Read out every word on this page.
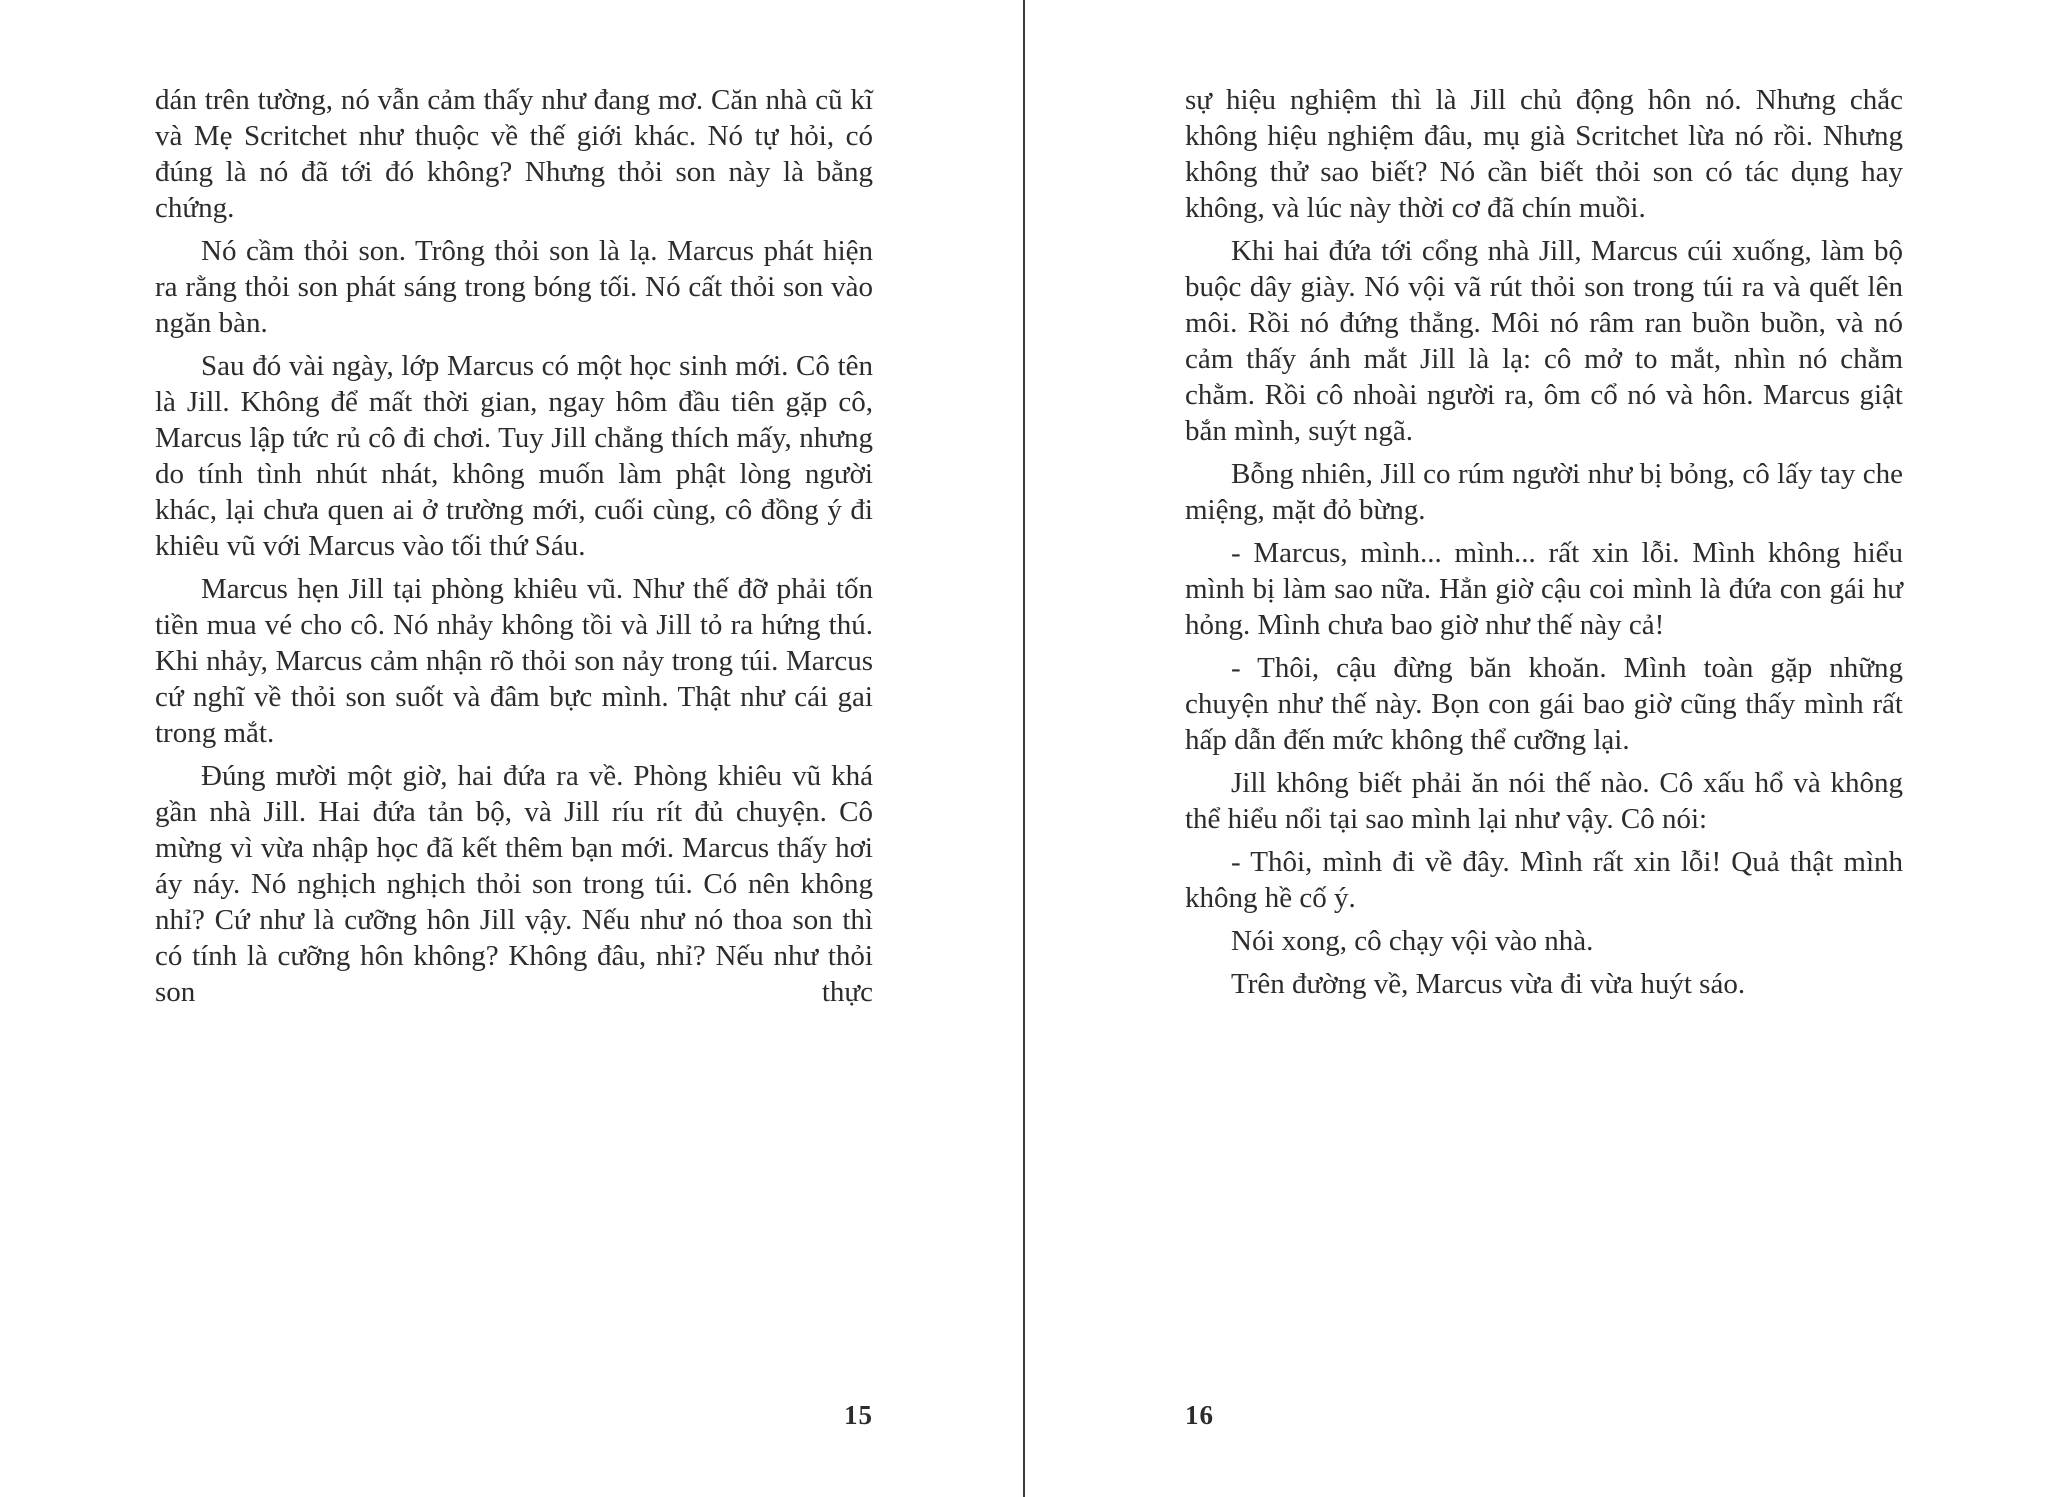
dán trên tường, nó vẫn cảm thấy như đang mơ. Căn nhà cũ kĩ và Mẹ Scritchet như thuộc về thế giới khác. Nó tự hỏi, có đúng là nó đã tới đó không? Nhưng thỏi son này là bằng chứng.

Nó cầm thỏi son. Trông thỏi son là lạ. Marcus phát hiện ra rằng thỏi son phát sáng trong bóng tối. Nó cất thỏi son vào ngăn bàn.

Sau đó vài ngày, lớp Marcus có một học sinh mới. Cô tên là Jill. Không để mất thời gian, ngay hôm đầu tiên gặp cô, Marcus lập tức rủ cô đi chơi. Tuy Jill chẳng thích mấy, nhưng do tính tình nhút nhát, không muốn làm phật lòng người khác, lại chưa quen ai ở trường mới, cuối cùng, cô đồng ý đi khiêu vũ với Marcus vào tối thứ Sáu.

Marcus hẹn Jill tại phòng khiêu vũ. Như thế đỡ phải tốn tiền mua vé cho cô. Nó nhảy không tồi và Jill tỏ ra hứng thú. Khi nhảy, Marcus cảm nhận rõ thỏi son nảy trong túi. Marcus cứ nghĩ về thỏi son suốt và đâm bực mình. Thật như cái gai trong mắt.

Đúng mười một giờ, hai đứa ra về. Phòng khiêu vũ khá gần nhà Jill. Hai đứa tản bộ, và Jill ríu rít đủ chuyện. Cô mừng vì vừa nhập học đã kết thêm bạn mới. Marcus thấy hơi áy náy. Nó nghịch nghịch thỏi son trong túi. Có nên không nhỉ? Cứ như là cưỡng hôn Jill vậy. Nếu như nó thoa son thì có tính là cưỡng hôn không? Không đâu, nhỉ? Nếu như thỏi son thực

15

sự hiệu nghiệm thì là Jill chủ động hôn nó. Nhưng chắc không hiệu nghiệm đâu, mụ già Scritchet lừa nó rồi. Nhưng không thử sao biết? Nó cần biết thỏi son có tác dụng hay không, và lúc này thời cơ đã chín muồi.

Khi hai đứa tới cổng nhà Jill, Marcus cúi xuống, làm bộ buộc dây giày. Nó vội vã rút thỏi son trong túi ra và quết lên môi. Rồi nó đứng thẳng. Môi nó râm ran buồn buồn, và nó cảm thấy ánh mắt Jill là lạ: cô mở to mắt, nhìn nó chằm chằm. Rồi cô nhoài người ra, ôm cổ nó và hôn. Marcus giật bắn mình, suýt ngã.

Bỗng nhiên, Jill co rúm người như bị bỏng, cô lấy tay che miệng, mặt đỏ bừng.

- Marcus, mình... mình... rất xin lỗi. Mình không hiểu mình bị làm sao nữa. Hẳn giờ cậu coi mình là đứa con gái hư hỏng. Mình chưa bao giờ như thế này cả!

- Thôi, cậu đừng băn khoăn. Mình toàn gặp những chuyện như thế này. Bọn con gái bao giờ cũng thấy mình rất hấp dẫn đến mức không thể cưỡng lại.

Jill không biết phải ăn nói thế nào. Cô xấu hổ và không thể hiểu nổi tại sao mình lại như vậy. Cô nói:

- Thôi, mình đi về đây. Mình rất xin lỗi! Quả thật mình không hề cố ý.

Nói xong, cô chạy vội vào nhà.

Trên đường về, Marcus vừa đi vừa huýt sáo.

16
